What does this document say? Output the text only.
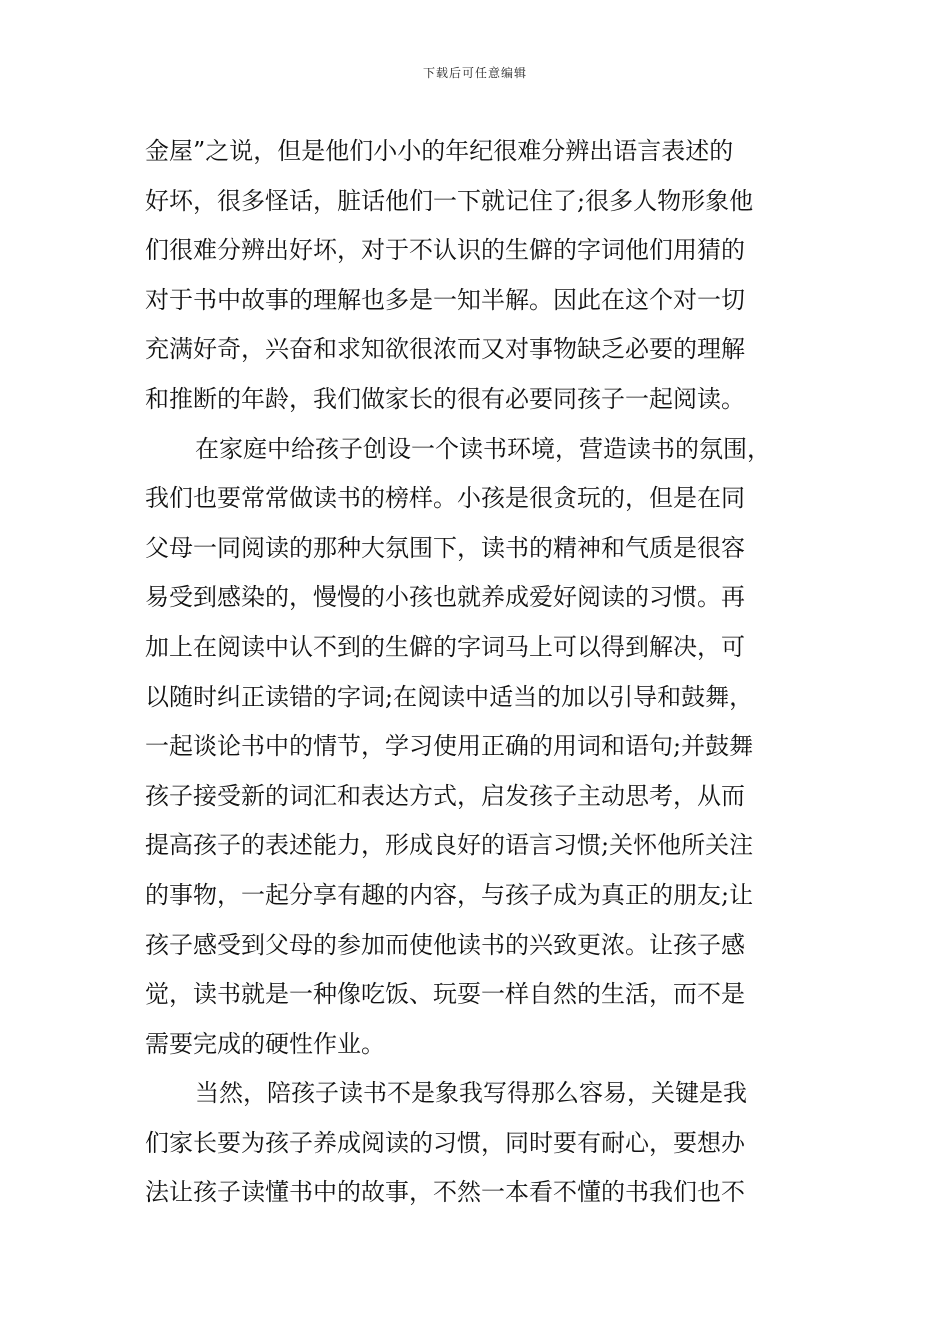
下载后可任意编辑
金屋”之说，但是他们小小的年纪很难分辨出语言表述的
好坏，很多怪话，脏话他们一下就记住了;很多人物形象他
们很难分辨出好坏，对于不认识的生僻的字词他们用猜的
对于书中故事的理解也多是一知半解。因此在这个对一切
充满好奇，兴奋和求知欲很浓而又对事物缺乏必要的理解
和推断的年龄，我们做家长的很有必要同孩子一起阅读。
在家庭中给孩子创设一个读书环境，营造读书的氛围，
我们也要常常做读书的榜样。小孩是很贪玩的，但是在同
父母一同阅读的那种大氛围下，读书的精神和气质是很容
易受到感染的，慢慢的小孩也就养成爱好阅读的习惯。再
加上在阅读中认不到的生僻的字词马上可以得到解决，可
以随时纠正读错的字词;在阅读中适当的加以引导和鼓舞，
一起谈论书中的情节，学习使用正确的用词和语句;并鼓舞
孩子接受新的词汇和表达方式，启发孩子主动思考，从而
提高孩子的表述能力，形成良好的语言习惯;关怀他所关注
的事物，一起分享有趣的内容，与孩子成为真正的朋友;让
孩子感受到父母的参加而使他读书的兴致更浓。让孩子感
觉，读书就是一种像吃饭、玩耍一样自然的生活，而不是
需要完成的硬性作业。
当然，陪孩子读书不是象我写得那么容易，关键是我
们家长要为孩子养成阅读的习惯，同时要有耐心，要想办
法让孩子读懂书中的故事，不然一本看不懂的书我们也不
